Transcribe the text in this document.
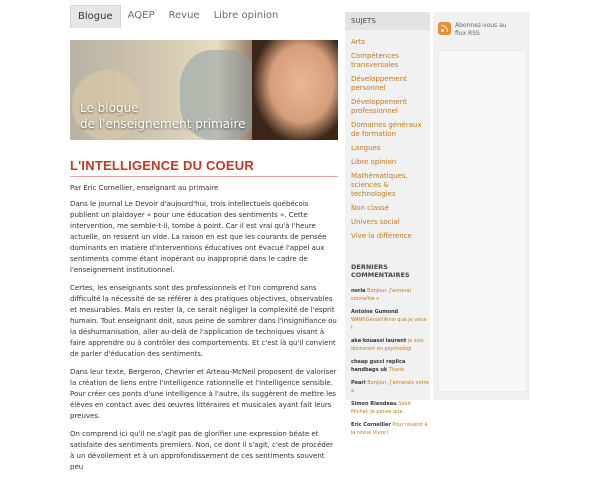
Blogue	AQEP	Revue	Libre opinion
Le blogue
de l'enseignement primaire
L'INTELLIGENCE DU COEUR
Par Éric Cornellier, enseignant au primaire

Dans le journal Le Devoir d'aujourd'hui, trois intellectuels québécois publient un plaidoyer « pour une éducation des sentiments ». Cette intervention, me semble-t-il, tombe à point. Car il est vrai qu'à l'heure actuelle, on ressent un vide. La raison en est que les courants de pensée dominants en matière d'interventions éducatives ont évacué l'appel aux sentiments comme étant inopérant ou inapproprié dans le cadre de l'enseignement institutionnel.

Certes, les enseignants sont des professionnels et l'on comprend sans difficulté la nécessité de se référer à des pratiques objectives, observables et mesurables. Mais en rester là, ce serait négliger la complexité de l'esprit humain. Tout enseignant doit, sous peine de sombrer dans l'insignifiance ou la déshumanisation, aller au-delà de l'application de techniques visant à faire apprendre ou à contrôler des comportements. Et c'est là qu'il convient de parler d'éducation des sentiments.

Dans leur texte, Bergeron, Chevrier et Arteau-McNeil proposent de valoriser la création de liens entre l'intelligence rationnelle et l'intelligence sensible. Pour créer ces ponts d'une intelligence à l'autre, ils suggèrent de mettre les élèves en contact avec des œuvres littéraires et musicales ayant fait leurs preuves.

On comprend ici qu'il ne s'agit pas de glorifier une expression béate et satisfaite des sentiments premiers. Non, ce dont il s'agit, c'est de procéder à un dévoilement et à un approfondissement de ces sentiments souvent peu

SUJETS
Arts
Compétences transversales
Développement personnel
Développement professionnel
Domaines généraux de formation
Langues
Libre opinion
Mathématiques, sciences & technologies
Non classé
Univers social
Vive la différence
DERNIERS COMMENTAIRES
noria Bonjour. J'aimerai connaître v
Antoine Gumond WAW!Génial!Ainsi que je veux t
aka kouassi laurent je suis doctorant en psychologi
cheap gucci replica handbags uk Thank
Pearl Bonjour, J'aimerais votre a
Simon Riendeau Salut Michel, Je pense que
Eric Cornellier Pour revenir à la revue Vivre l
Abonnez-vous au flux RSS
